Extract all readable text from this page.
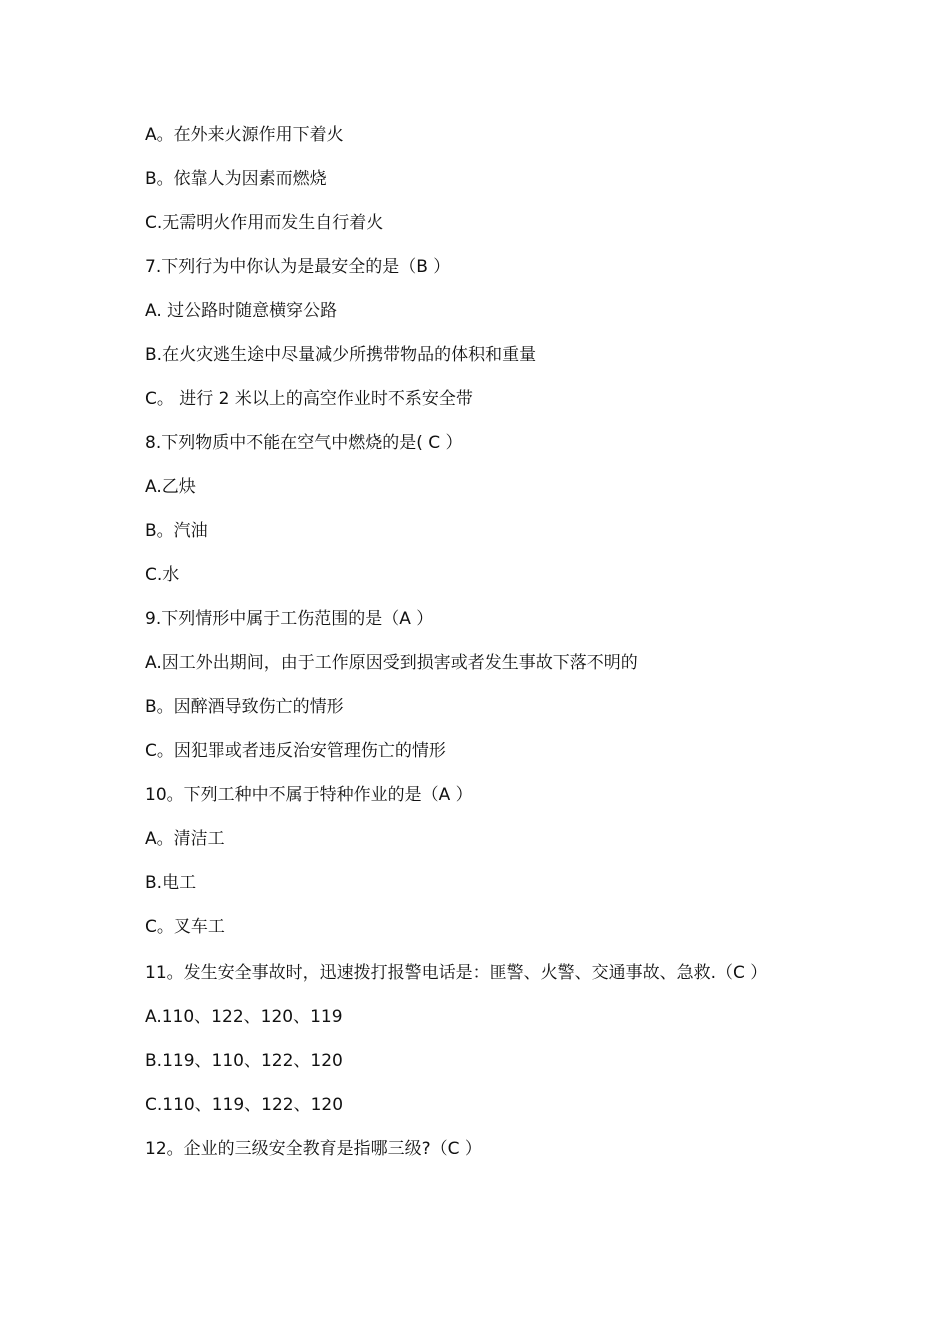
A。在外来火源作用下着火
B。依靠人为因素而燃烧
C.无需明火作用而发生自行着火
7.下列行为中你认为是最安全的是（B ）
A. 过公路时随意横穿公路
B.在火灾逃生途中尽量减少所携带物品的体积和重量
C。 进行 2 米以上的高空作业时不系安全带
8.下列物质中不能在空气中燃烧的是( C ）
A.乙炔
B。汽油
C.水
9.下列情形中属于工伤范围的是（A ）
A.因工外出期间，由于工作原因受到损害或者发生事故下落不明的
B。因醉酒导致伤亡的情形
C。因犯罪或者违反治安管理伤亡的情形
10。下列工种中不属于特种作业的是（A ）
A。清洁工
B.电工
C。叉车工
11。发生安全事故时，迅速拨打报警电话是：匪警、火警、交通事故、急救.（C ）
A.110、122、120、119
B.119、110、122、120
C.110、119、122、120
12。企业的三级安全教育是指哪三级?（C ）
